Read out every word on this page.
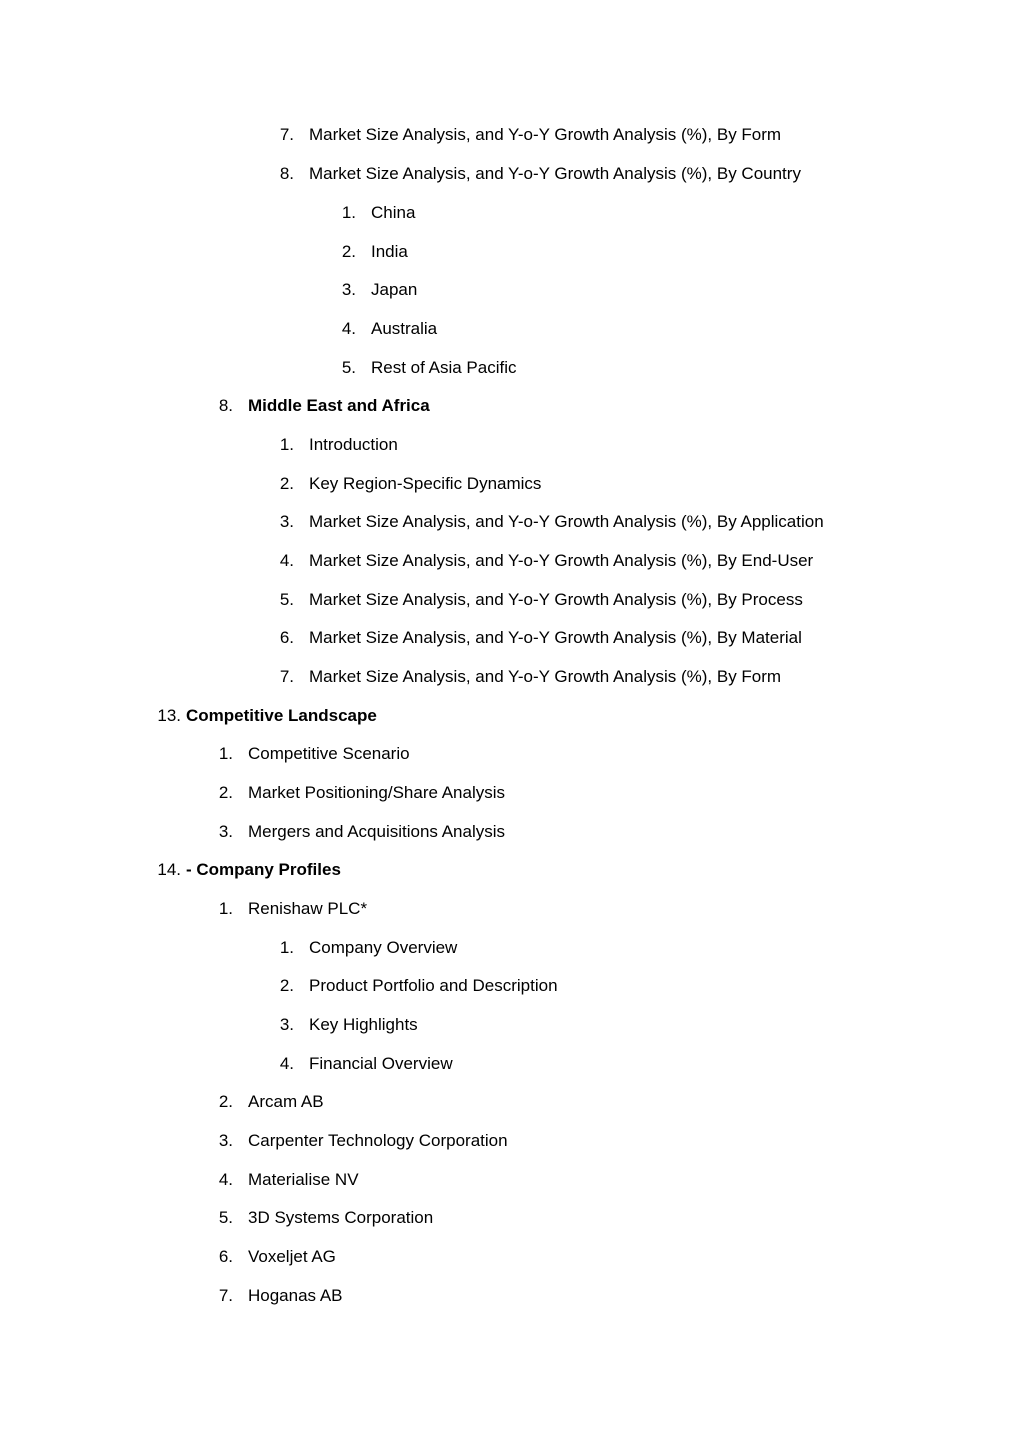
7. Market Size Analysis, and Y-o-Y Growth Analysis (%), By Form
8. Market Size Analysis, and Y-o-Y Growth Analysis (%), By Country
1. China
2. India
3. Japan
4. Australia
5. Rest of Asia Pacific
8. Middle East and Africa
1. Introduction
2. Key Region-Specific Dynamics
3. Market Size Analysis, and Y-o-Y Growth Analysis (%), By Application
4. Market Size Analysis, and Y-o-Y Growth Analysis (%), By End-User
5. Market Size Analysis, and Y-o-Y Growth Analysis (%), By Process
6. Market Size Analysis, and Y-o-Y Growth Analysis (%), By Material
7. Market Size Analysis, and Y-o-Y Growth Analysis (%), By Form
13. Competitive Landscape
1. Competitive Scenario
2. Market Positioning/Share Analysis
3. Mergers and Acquisitions Analysis
14. - Company Profiles
1. Renishaw PLC*
1. Company Overview
2. Product Portfolio and Description
3. Key Highlights
4. Financial Overview
2. Arcam AB
3. Carpenter Technology Corporation
4. Materialise NV
5. 3D Systems Corporation
6. Voxeljet AG
7. Hoganas AB
